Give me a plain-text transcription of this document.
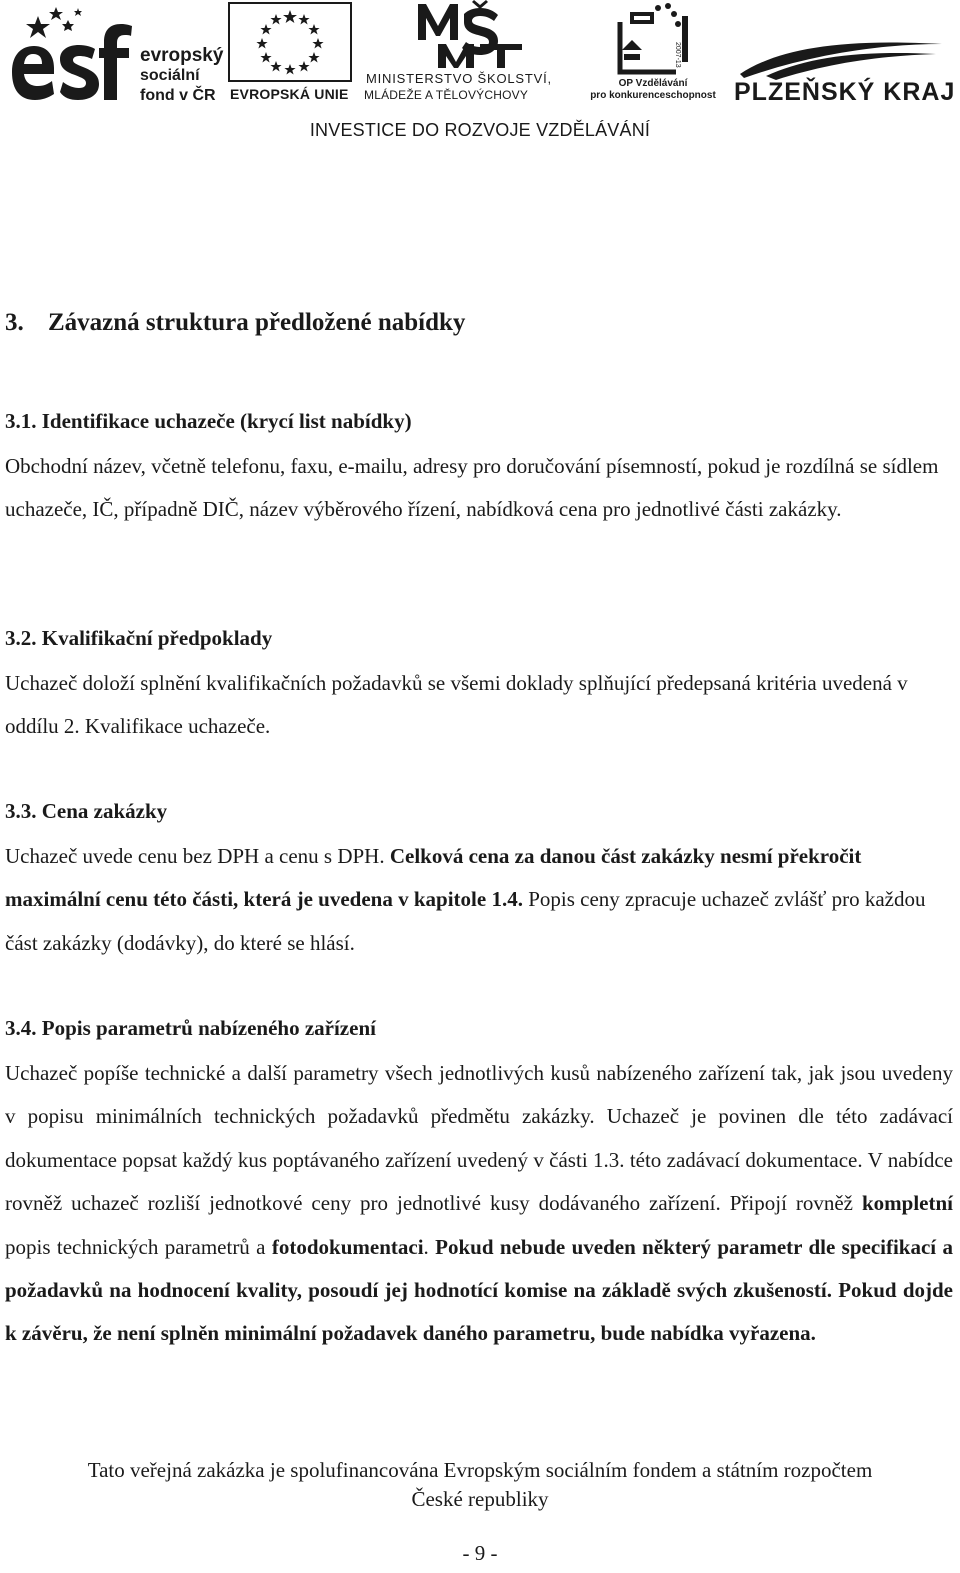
evropský
sociální
fond v ČR	EVROPSKÁ UNIE
MINISTERSTVO ŠKOLSTVÍ,
MLÁDEŽE A TĚLOVÝCHOVY
2007-13
OP Vzdělávání
pro konkurenceschopnost PLZEŇSKÝ KRAJ
INVESTICE DO ROZVOJE VZDĚLÁVÁNÍ
3. Závazná struktura předložené nabídky
3.1. Identifikace uchazeče (krycí list nabídky)
Obchodní název, včetně telefonu, faxu, e-mailu, adresy pro doručování písemností, pokud je rozdílná se sídlem uchazeče, IČ, případně DIČ, název výběrového řízení, nabídková cena pro jednotlivé části zakázky.
3.2. Kvalifikační předpoklady
Uchazeč doloží splnění kvalifikačních požadavků se všemi doklady splňující předepsaná kritéria uvedená v oddílu 2. Kvalifikace uchazeče.
3.3. Cena zakázky
Uchazeč uvede cenu bez DPH a cenu s DPH. Celková cena za danou část zakázky nesmí překročit maximální cenu této části, která je uvedena v kapitole 1.4. Popis ceny zpracuje uchazeč zvlášť pro každou část zakázky (dodávky), do které se hlásí.
3.4. Popis parametrů nabízeného zařízení
Uchazeč popíše technické a další parametry všech jednotlivých kusů nabízeného zařízení tak, jak jsou uvedeny v popisu minimálních technických požadavků předmětu zakázky. Uchazeč je povinen dle této zadávací dokumentace popsat každý kus poptávaného zařízení uvedený v části 1.3. této zadávací dokumentace. V nabídce rovněž uchazeč rozliší jednotkové ceny pro jednotlivé kusy dodávaného zařízení. Připojí rovněž kompletní popis technických parametrů a fotodokumentaci. Pokud nebude uveden některý parametr dle specifikací a požadavků na hodnocení kvality, posoudí jej hodnotící komise na základě svých zkušeností. Pokud dojde k závěru, že není splněn minimální požadavek daného parametru, bude nabídka vyřazena.
Tato veřejná zakázka je spolufinancována Evropským sociálním fondem a státním rozpočtem
České republiky
- 9 -
